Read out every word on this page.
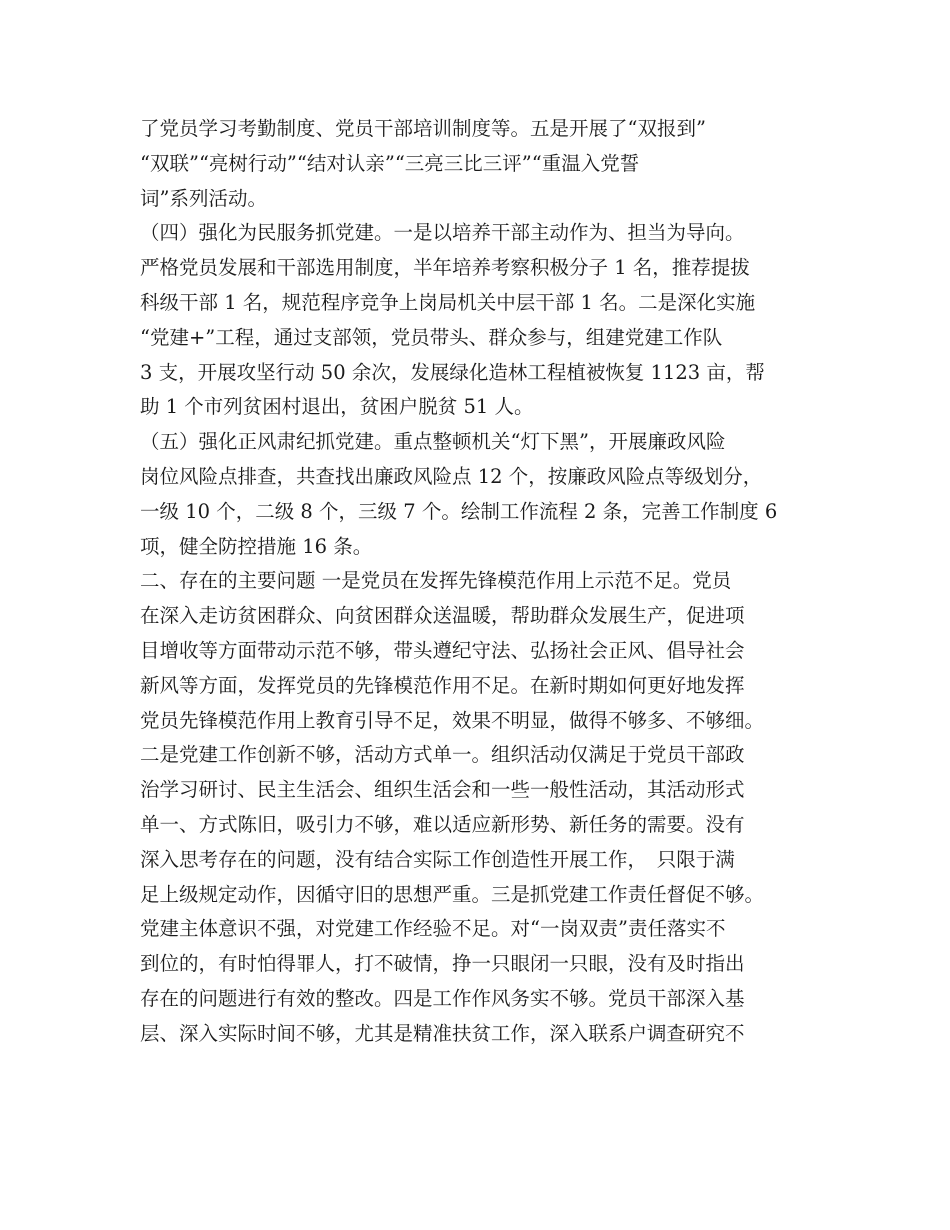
了党员学习考勤制度、党员干部培训制度等。五是开展了“双报到”
“双联”“亮树行动”“结对认亲”“三亮三比三评”“重温入党誓
词”系列活动。
（四）强化为民服务抓党建。一是以培养干部主动作为、担当为导向。
严格党员发展和干部选用制度，半年培养考察积极分子 1 名，推荐提拔
科级干部 1 名，规范程序竞争上岗局机关中层干部 1 名。二是深化实施
“党建+”工程，通过支部领，党员带头、群众参与，组建党建工作队
3 支，开展攻坚行动 50 余次，发展绿化造林工程植被恢复 1123 亩，帮
助 1 个市列贫困村退出，贫困户脱贫 51 人。
（五）强化正风肃纪抓党建。重点整顿机关“灯下黑”，开展廉政风险
岗位风险点排查，共查找出廉政风险点 12 个，按廉政风险点等级划分，
一级 10 个，二级 8 个，三级 7 个。绘制工作流程 2 条，完善工作制度 6
项，健全防控措施 16 条。
二、存在的主要问题 一是党员在发挥先锋模范作用上示范不足。党员
在深入走访贫困群众、向贫困群众送温暖，帮助群众发展生产，促进项
目增收等方面带动示范不够，带头遵纪守法、弘扬社会正风、倡导社会
新风等方面，发挥党员的先锋模范作用不足。在新时期如何更好地发挥
党员先锋模范作用上教育引导不足，效果不明显，做得不够多、不够细。
二是党建工作创新不够，活动方式单一。组织活动仅满足于党员干部政
治学习研讨、民主生活会、组织生活会和一些一般性活动，其活动形式
单一、方式陈旧，吸引力不够，难以适应新形势、新任务的需要。没有
深入思考存在的问题，没有结合实际工作创造性开展工作，　只限于满
足上级规定动作，因循守旧的思想严重。三是抓党建工作责任督促不够。
党建主体意识不强，对党建工作经验不足。对“一岗双责”责任落实不
到位的，有时怕得罪人，打不破情，挣一只眼闭一只眼，没有及时指出
存在的问题进行有效的整改。四是工作作风务实不够。党员干部深入基
层、深入实际时间不够，尤其是精准扶贫工作，深入联系户调查研究不
